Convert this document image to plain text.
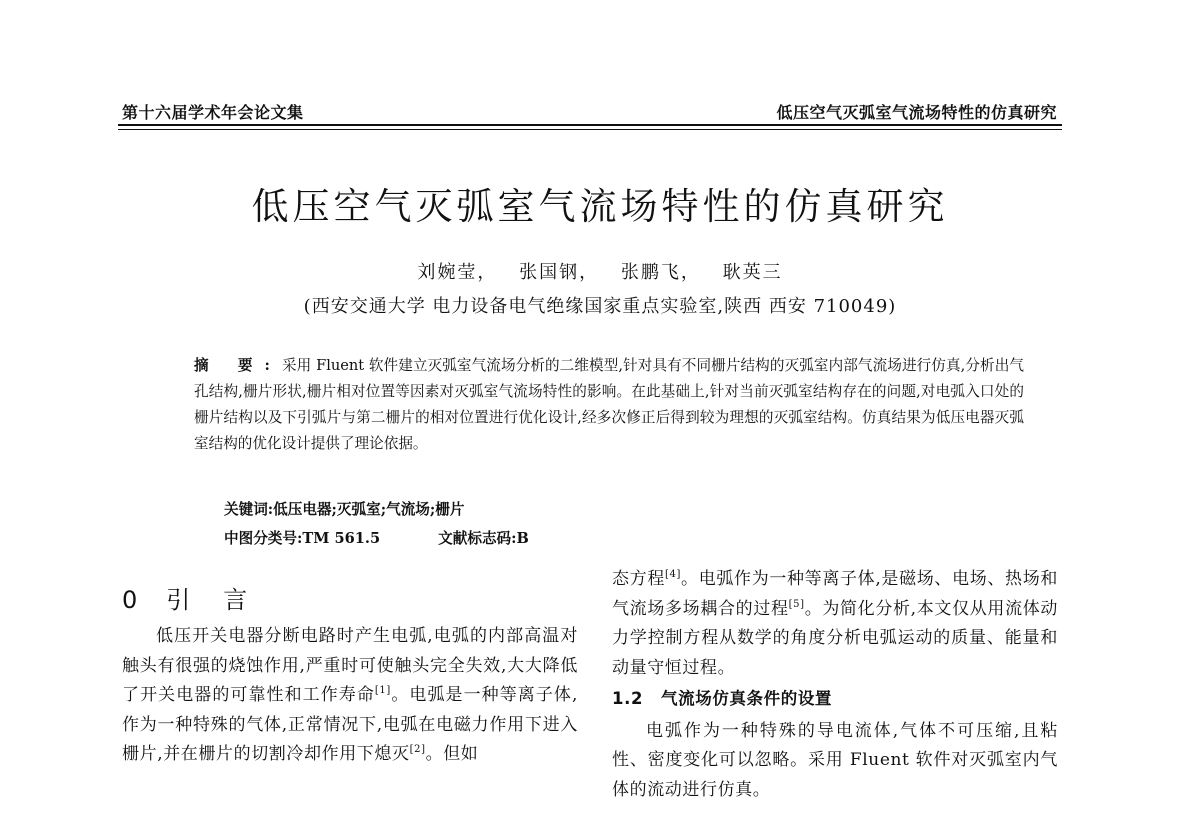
第十六届学术年会论文集	低压空气灭弧室气流场特性的仿真研究
低压空气灭弧室气流场特性的仿真研究
刘婉莹， 张国钢， 张鹏飞， 耿英三
(西安交通大学 电力设备电气绝缘国家重点实验室,陕西 西安 710049)
摘 要:采用 Fluent 软件建立灭弧室气流场分析的二维模型,针对具有不同栅片结构的灭弧室内部气流场进行仿真,分析出气孔结构,栅片形状,栅片相对位置等因素对灭弧室气流场特性的影响。在此基础上,针对当前灭弧室结构存在的问题,对电弧入口处的栅片结构以及下引弧片与第二栅片的相对位置进行优化设计,经多次修正后得到较为理想的灭弧室结构。仿真结果为低压电器灭弧室结构的优化设计提供了理论依据。
关键词:低压电器;灭弧室;气流场;栅片
中图分类号:TM 561.5	文献标志码:B
0 引 言

低压开关电器分断电路时产生电弧,电弧的内部高温对触头有很强的烧蚀作用,严重时可使触头完全失效,大大降低了开关电器的可靠性和工作寿命[1]。电弧是一种等离子体,作为一种特殊的气体,正常情况下,电弧在电磁力作用下进入栅片,并在栅片的切割冷却作用下熄灭[2]。但如

态方程[4]。电弧作为一种等离子体,是磁场、电场、热场和气流场多场耦合的过程[5]。为简化分析,本文仅从用流体动力学控制方程从数学的角度分析电弧运动的质量、能量和动量守恒过程。

1.2 气流场仿真条件的设置

电弧作为一种特殊的导电流体,气体不可压缩,且粘性、密度变化可以忽略。采用 Fluent 软件对灭弧室内气体的流动进行仿真。
